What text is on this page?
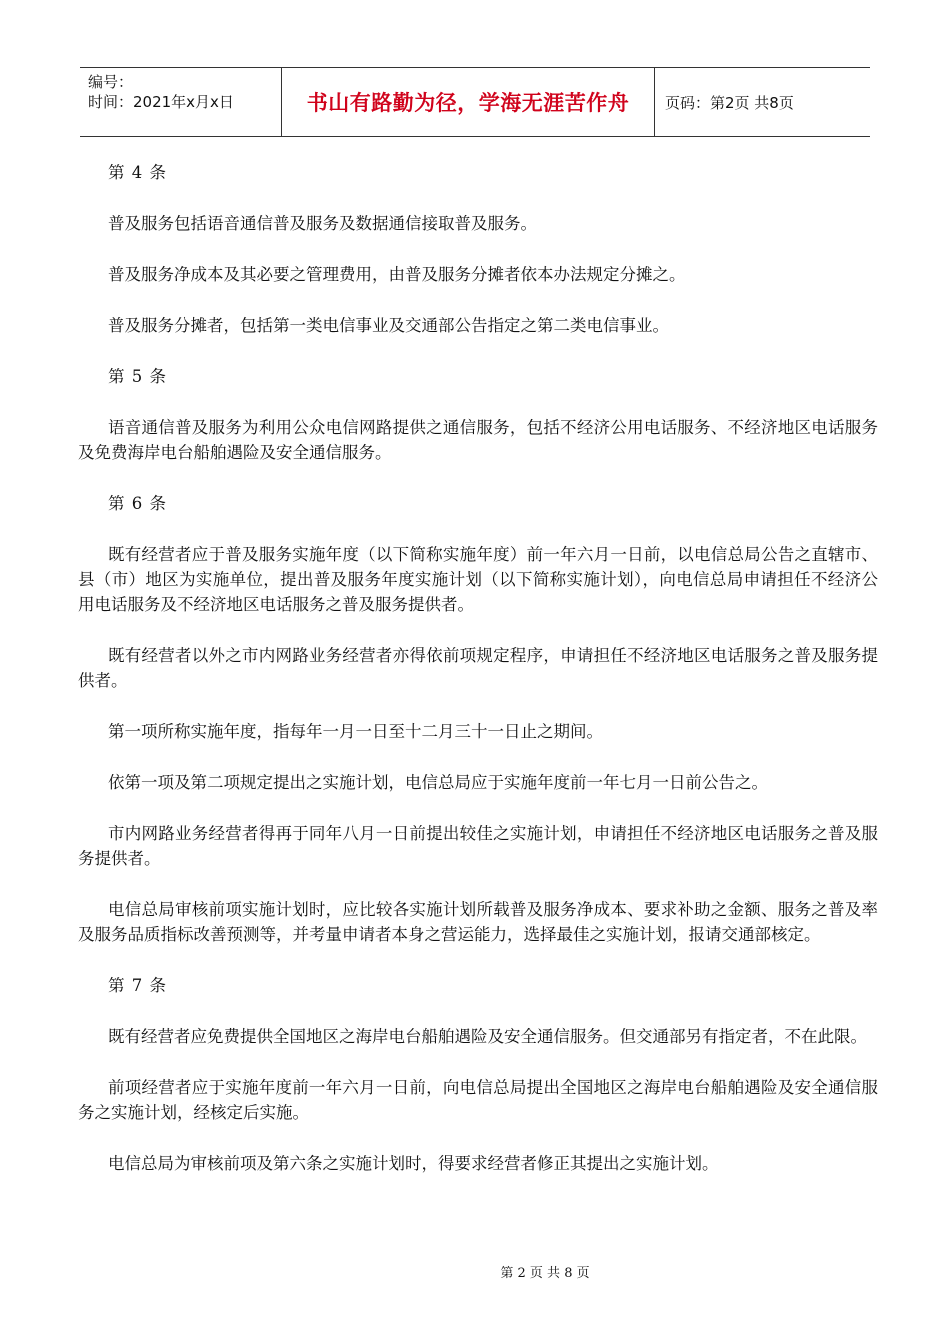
编号：
时间：2021年x月x日	书山有路勤为径，学海无涯苦作舟	页码：第2页 共8页

第 4 条

普及服务包括语音通信普及服务及数据通信接取普及服务。

普及服务净成本及其必要之管理费用，由普及服务分摊者依本办法规定分摊之。

普及服务分摊者，包括第一类电信事业及交通部公告指定之第二类电信事业。

第 5 条

语音通信普及服务为利用公众电信网路提供之通信服务，包括不经济公用电话服务、不经济地区电话服务及免费海岸电台船舶遇险及安全通信服务。

第 6 条

既有经营者应于普及服务实施年度（以下简称实施年度）前一年六月一日前，以电信总局公告之直辖市、县（市）地区为实施单位，提出普及服务年度实施计划（以下简称实施计划），向电信总局申请担任不经济公用电话服务及不经济地区电话服务之普及服务提供者。

既有经营者以外之市内网路业务经营者亦得依前项规定程序，申请担任不经济地区电话服务之普及服务提供者。

第一项所称实施年度，指每年一月一日至十二月三十一日止之期间。

依第一项及第二项规定提出之实施计划，电信总局应于实施年度前一年七月一日前公告之。

市内网路业务经营者得再于同年八月一日前提出较佳之实施计划，申请担任不经济地区电话服务之普及服务提供者。

电信总局审核前项实施计划时，应比较各实施计划所载普及服务净成本、要求补助之金额、服务之普及率及服务品质指标改善预测等，并考量申请者本身之营运能力，选择最佳之实施计划，报请交通部核定。

第 7 条

既有经营者应免费提供全国地区之海岸电台船舶遇险及安全通信服务。但交通部另有指定者，不在此限。

前项经营者应于实施年度前一年六月一日前，向电信总局提出全国地区之海岸电台船舶遇险及安全通信服务之实施计划，经核定后实施。

电信总局为审核前项及第六条之实施计划时，得要求经营者修正其提出之实施计划。

第 2 页 共 8 页
